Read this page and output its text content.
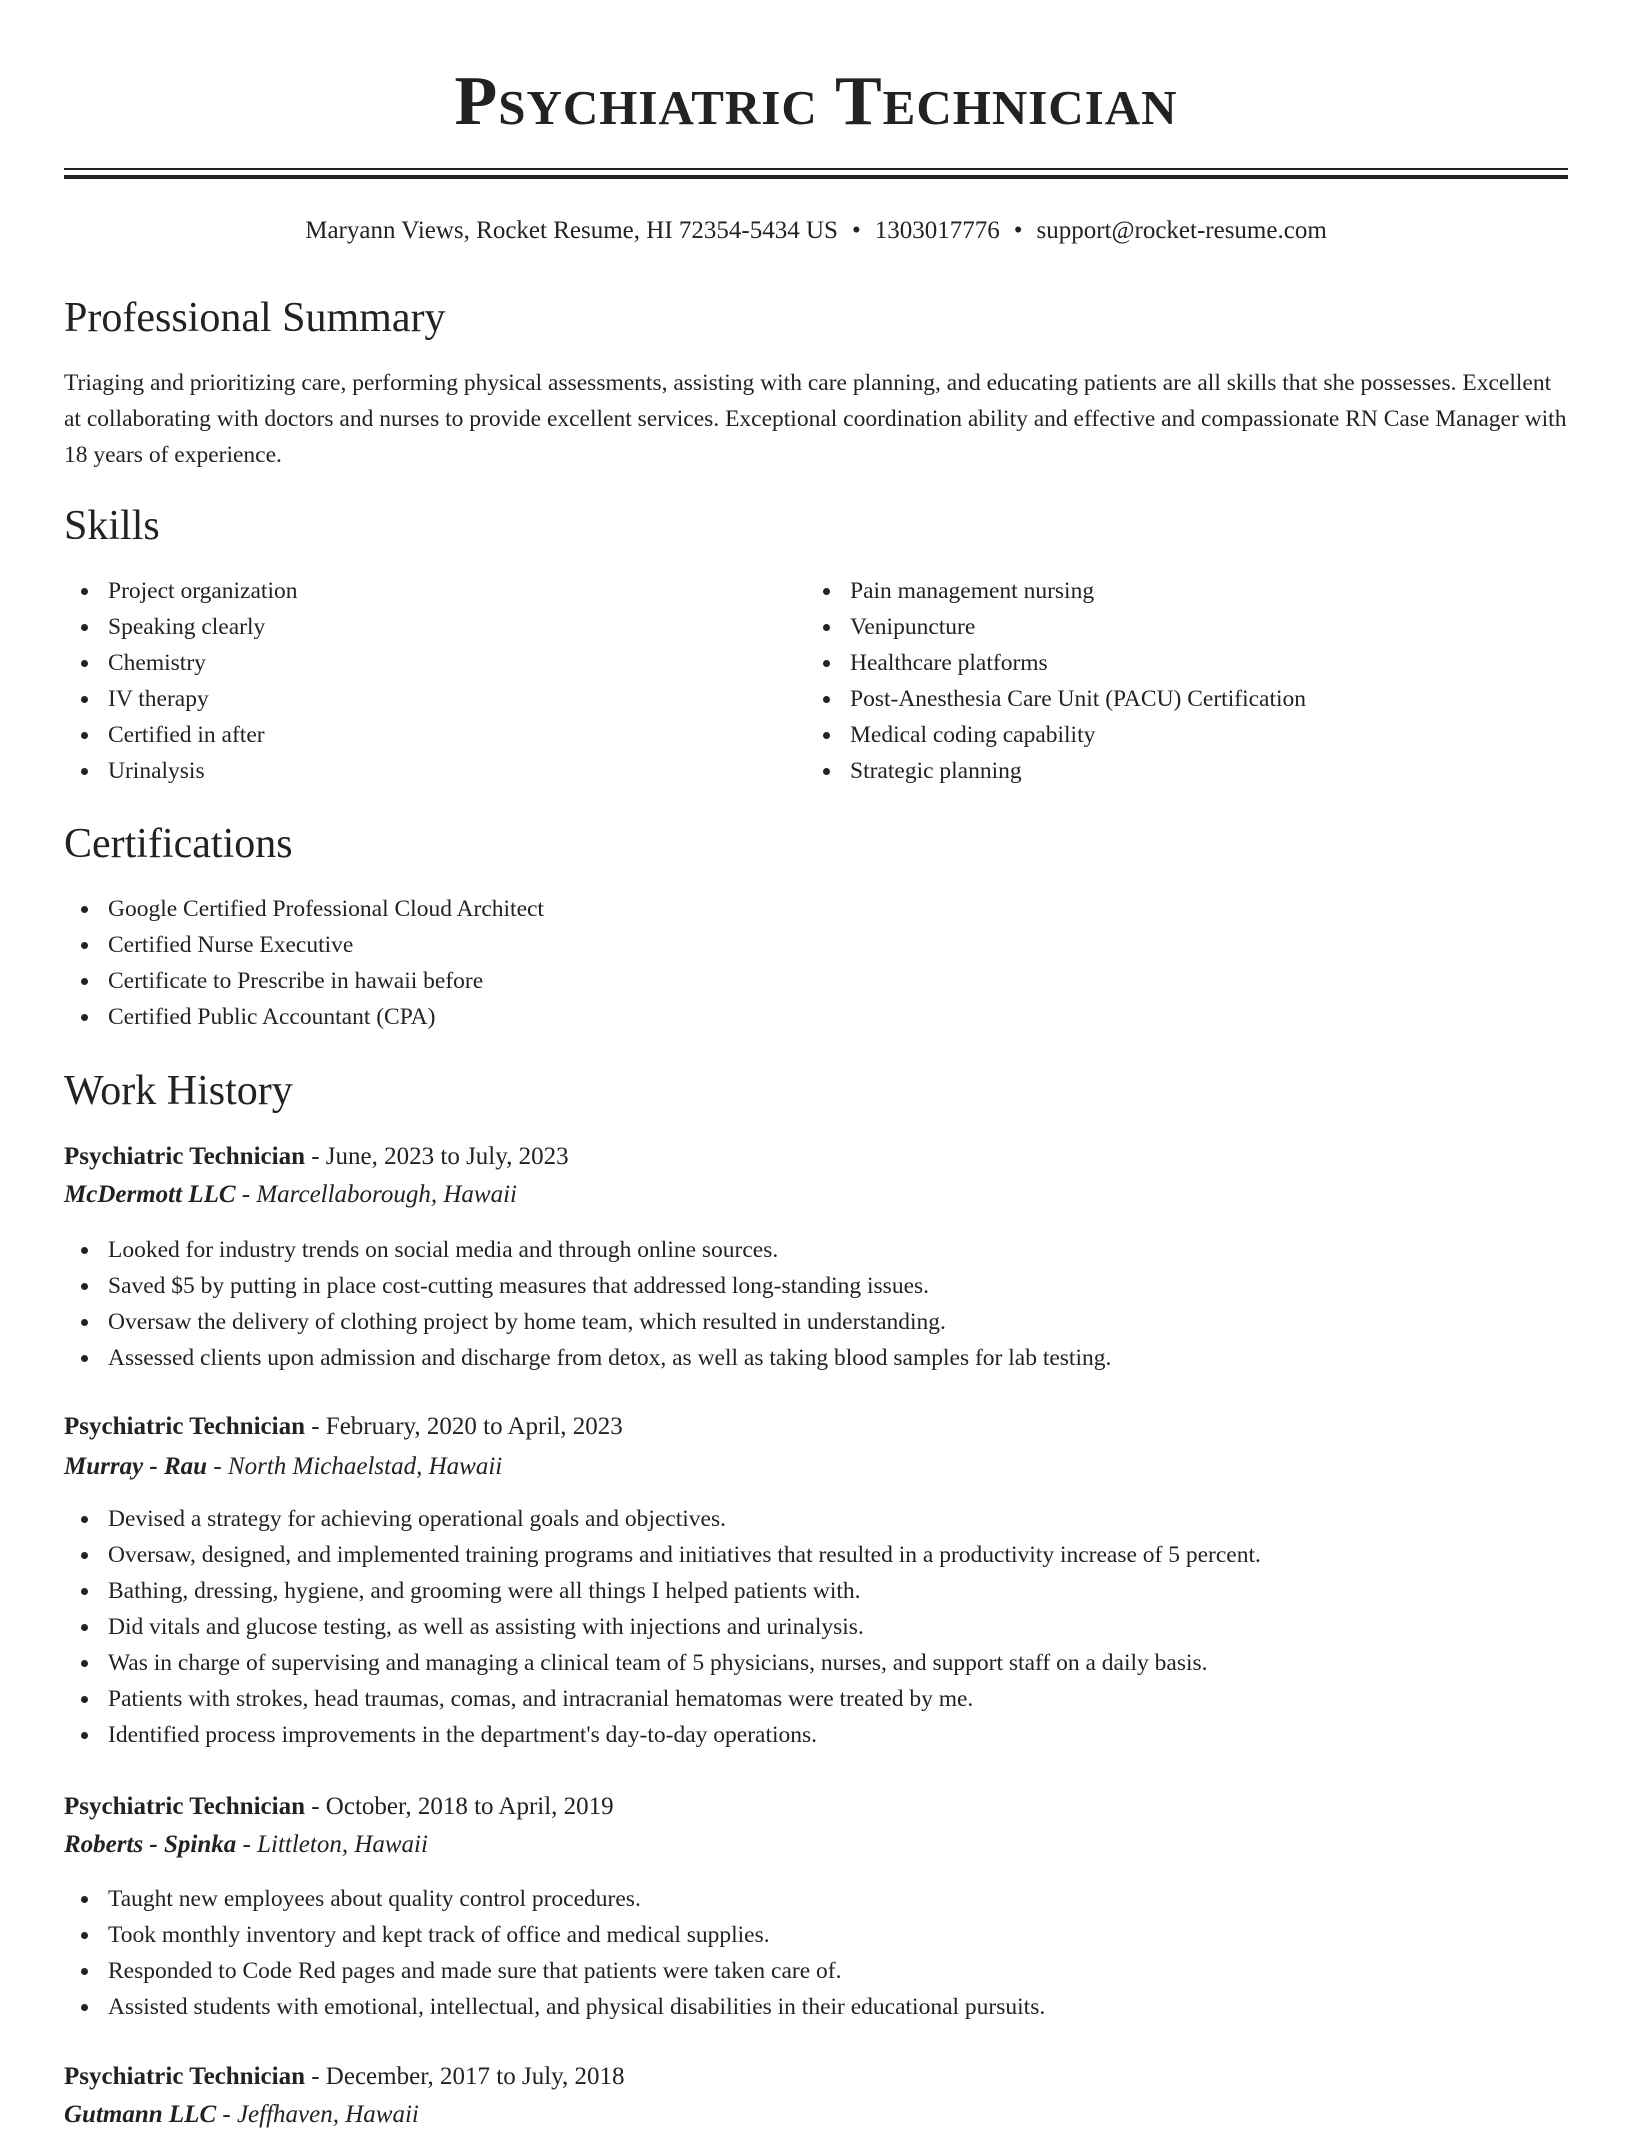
Psychiatric Technician
Maryann Views, Rocket Resume, HI 72354-5434 US • 1303017776 • support@rocket-resume.com
Professional Summary

Triaging and prioritizing care, performing physical assessments, assisting with care planning, and educating patients are all skills that she possesses. Excellent at collaborating with doctors and nurses to provide excellent services. Exceptional coordination ability and effective and compassionate RN Case Manager with 18 years of experience.

Skills
Project organization
Speaking clearly
Chemistry
IV therapy
Certified in after
Urinalysis
Pain management nursing
Venipuncture
Healthcare platforms
Post-Anesthesia Care Unit (PACU) Certification
Medical coding capability
Strategic planning
Certifications
Google Certified Professional Cloud Architect
Certified Nurse Executive
Certificate to Prescribe in hawaii before
Certified Public Accountant (CPA)
Work History
Psychiatric Technician - June, 2023 to July, 2023
McDermott LLC - Marcellaborough, Hawaii
Looked for industry trends on social media and through online sources.
Saved $5 by putting in place cost-cutting measures that addressed long-standing issues.
Oversaw the delivery of clothing project by home team, which resulted in understanding.
Assessed clients upon admission and discharge from detox, as well as taking blood samples for lab testing.
Psychiatric Technician - February, 2020 to April, 2023
Murray - Rau - North Michaelstad, Hawaii
Devised a strategy for achieving operational goals and objectives.
Oversaw, designed, and implemented training programs and initiatives that resulted in a productivity increase of 5 percent.
Bathing, dressing, hygiene, and grooming were all things I helped patients with.
Did vitals and glucose testing, as well as assisting with injections and urinalysis.
Was in charge of supervising and managing a clinical team of 5 physicians, nurses, and support staff on a daily basis.
Patients with strokes, head traumas, comas, and intracranial hematomas were treated by me.
Identified process improvements in the department's day-to-day operations.
Psychiatric Technician - October, 2018 to April, 2019
Roberts - Spinka - Littleton, Hawaii
Taught new employees about quality control procedures.
Took monthly inventory and kept track of office and medical supplies.
Responded to Code Red pages and made sure that patients were taken care of.
Assisted students with emotional, intellectual, and physical disabilities in their educational pursuits.
Psychiatric Technician - December, 2017 to July, 2018
Gutmann LLC - Jeffhaven, Hawaii
